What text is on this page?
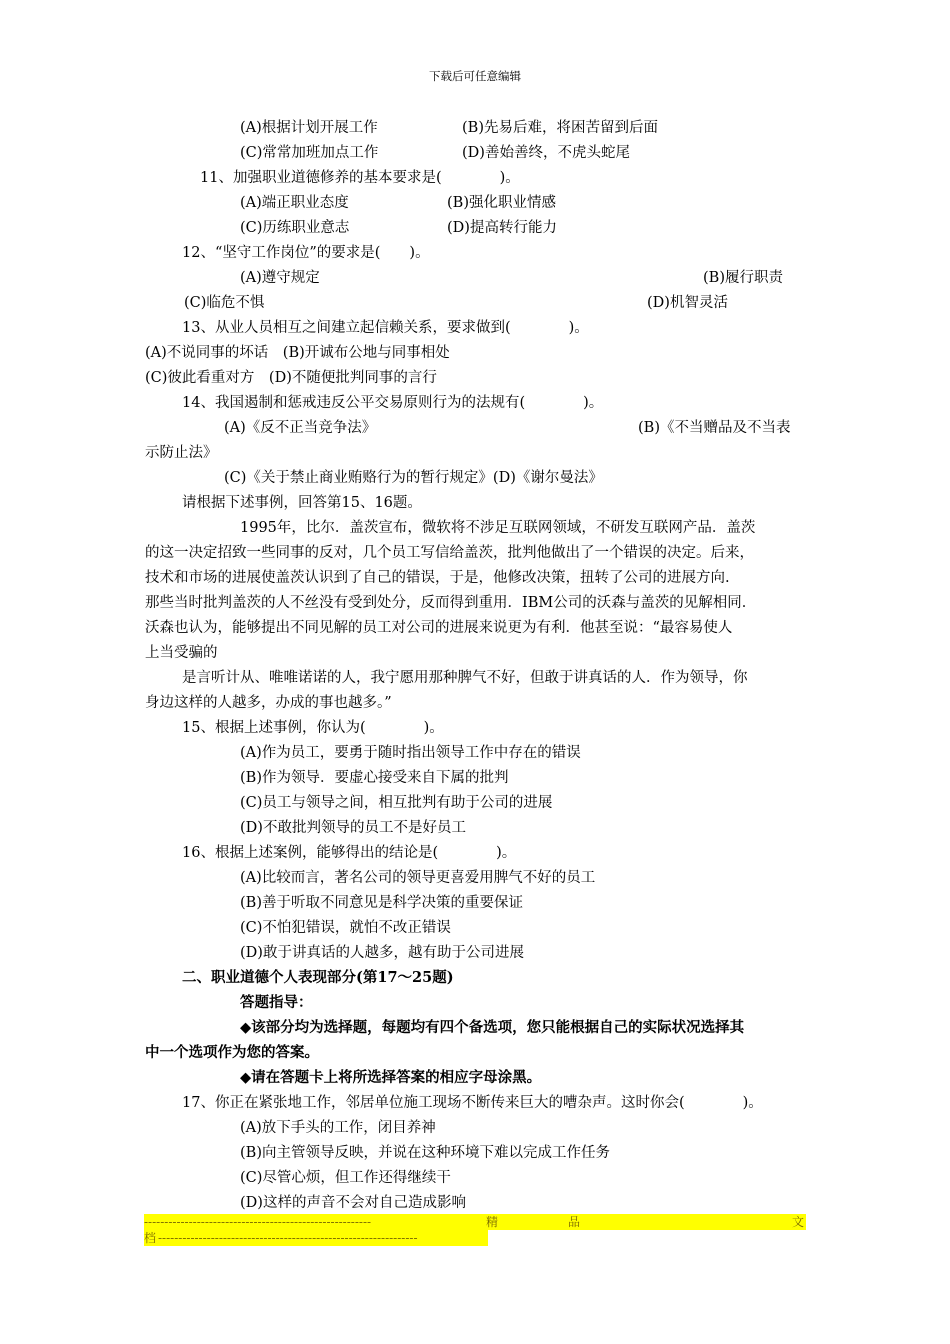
下载后可任意编辑
(A)根据计划开展工作	(B)先易后难，将困苦留到后面
(C)常常加班加点工作	(D)善始善终，不虎头蛇尾
11、加强职业道德修养的基本要求是(　　　　)。
(A)端正职业态度	(B)强化职业情感
(C)历练职业意志	(D)提高转行能力
12、“坚守工作岗位”的要求是(　　)。
(A)遵守规定	(B)履行职责
(C)临危不惧	(D)机智灵活
13、从业人员相互之间建立起信赖关系，要求做到(　　　　)。
(A)不说同事的坏话　(B)开诚布公地与同事相处
(C)彼此看重对方　(D)不随便批判同事的言行
14、我国遏制和惩戒违反公平交易原则行为的法规有(　　　　)。
(A)《反不正当竞争法》	(B)《不当赠品及不当表
示防止法》
(C)《关于禁止商业贿赂行为的暂行规定》(D)《谢尔曼法》
请根据下述事例，回答第15、16题。
1995年，比尔．盖茨宣布，微软将不涉足互联网领域，不研发互联网产品．盖茨
的这一决定招致一些同事的反对，几个员工写信给盖茨，批判他做出了一个错误的决定。后来，
技术和市场的进展使盖茨认识到了自己的错误，于是，他修改决策，扭转了公司的进展方向.
那些当时批判盖茨的人不丝没有受到处分，反而得到重用．IBM公司的沃森与盖茨的见解相同．
沃森也认为，能够提出不同见解的员工对公司的进展来说更为有利．他甚至说：“最容易使人
上当受骗的
是言听计从、唯唯诺诺的人，我宁愿用那种脾气不好，但敢于讲真话的人．作为领导，你
身边这样的人越多，办成的事也越多。”
15、根据上述事例，你认为(　　　　)。
(A)作为员工，要勇于随时指出领导工作中存在的错误
(B)作为领导．要虚心接受来自下属的批判
(C)员工与领导之间，相互批判有助于公司的进展
(D)不敢批判领导的员工不是好员工
16、根据上述案例，能够得出的结论是(　　　　)。
(A)比较而言，著名公司的领导更喜爱用脾气不好的员工
(B)善于听取不同意见是科学决策的重要保证
(C)不怕犯错误，就怕不改正错误
(D)敢于讲真话的人越多，越有助于公司进展
二、职业道德个人表现部分(第17～25题)
答题指导：
◆该部分均为选择题，每题均有四个备选项，您只能根据自己的实际状况选择其
中一个选项作为您的答案。
◆请在答题卡上将所选择答案的相应字母涂黑。
17、你正在紧张地工作，邻居单位施工现场不断传来巨大的嘈杂声。这时你会(　　　　)。
(A)放下手头的工作，闭目养神
(B)向主管领导反映，并说在这种环境下难以完成工作任务
(C)尽管心烦，但工作还得继续干
(D)这样的声音不会对自己造成影响
--------------------------------------------------------	精	品	文
档 ----------------------------------------------------------------
